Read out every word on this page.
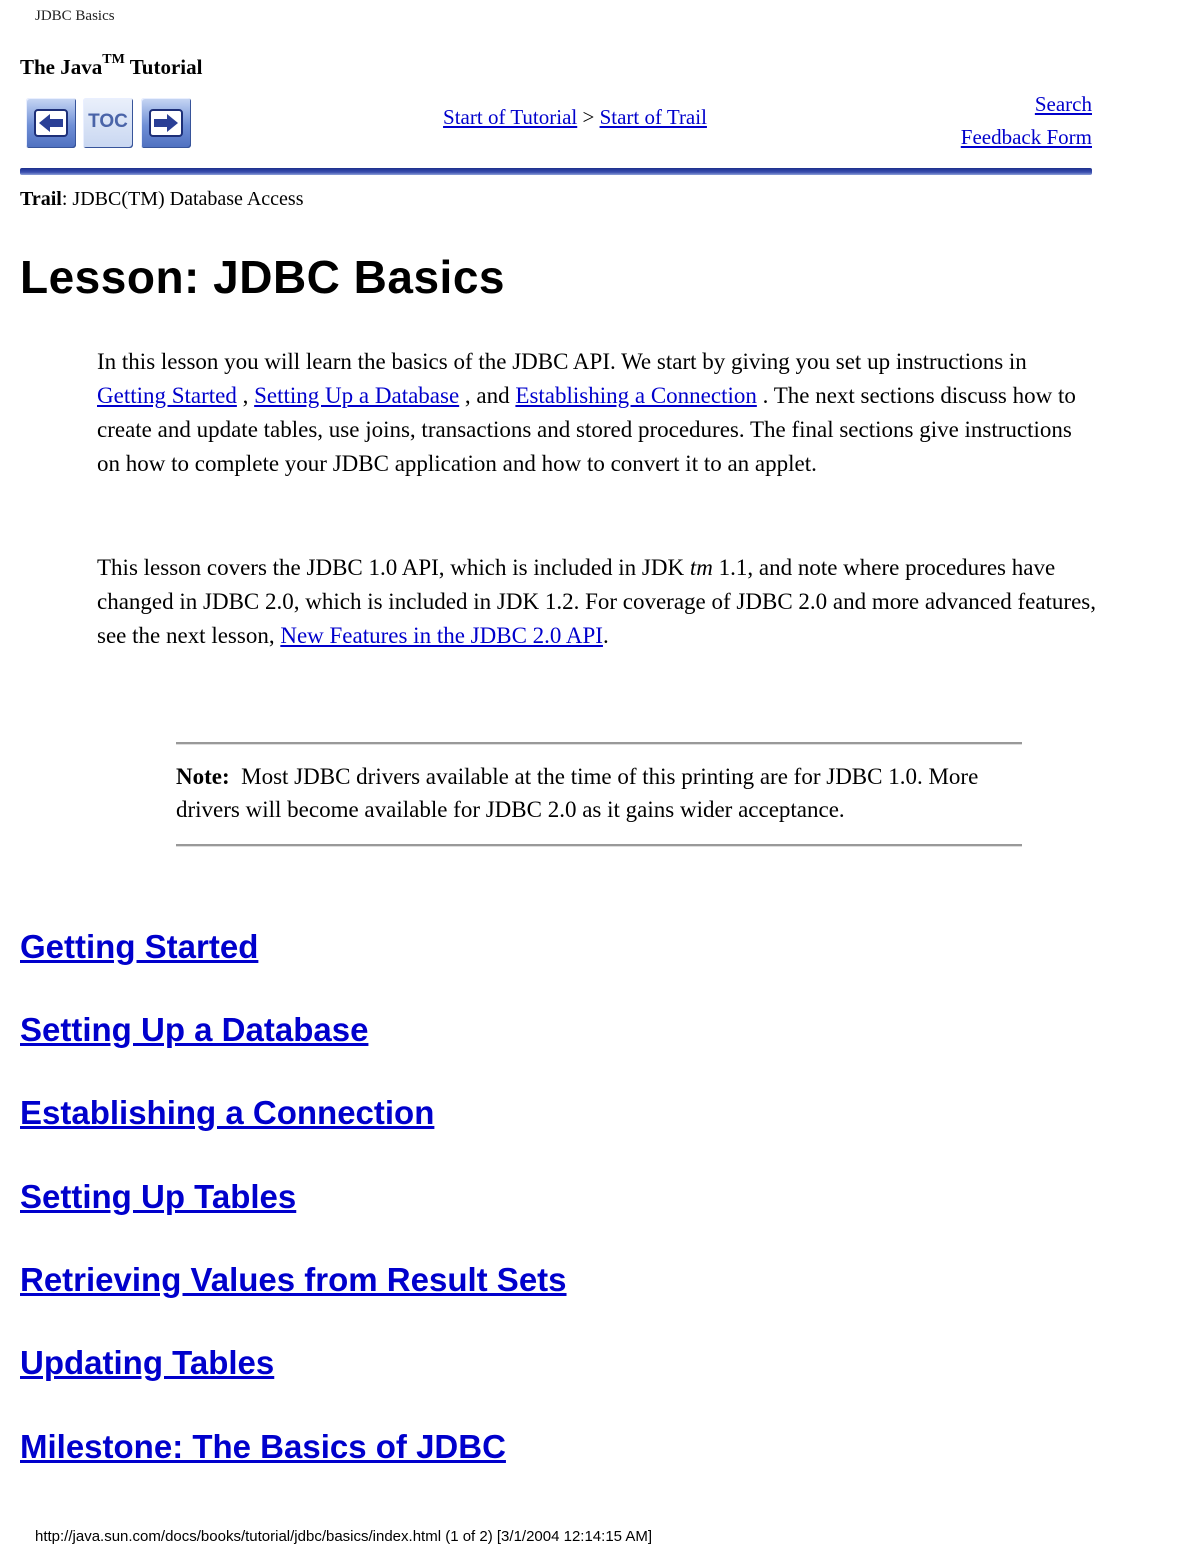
JDBC Basics
The Java™ Tutorial
TOC	Start of Tutorial > Start of Trail
Search
Feedback Form
Trail: JDBC(TM) Database Access
Lesson: JDBC Basics

In this lesson you will learn the basics of the JDBC API. We start by giving you set up instructions in Getting Started , Setting Up a Database , and Establishing a Connection . The next sections discuss how to create and update tables, use joins, transactions and stored procedures. The final sections give instructions on how to complete your JDBC application and how to convert it to an applet.

This lesson covers the JDBC 1.0 API, which is included in JDK tm 1.1, and note where procedures have changed in JDBC 2.0, which is included in JDK 1.2. For coverage of JDBC 2.0 and more advanced features, see the next lesson, New Features in the JDBC 2.0 API.

Note:  Most JDBC drivers available at the time of this printing are for JDBC 1.0. More drivers will become available for JDBC 2.0 as it gains wider acceptance.
Getting Started
Setting Up a Database
Establishing a Connection
Setting Up Tables
Retrieving Values from Result Sets
Updating Tables
Milestone: The Basics of JDBC
http://java.sun.com/docs/books/tutorial/jdbc/basics/index.html (1 of 2) [3/1/2004 12:14:15 AM]
